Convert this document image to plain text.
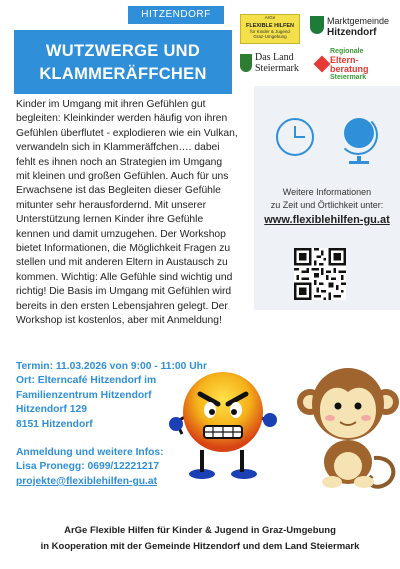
HITZENDORF
WUTZWERGE UND
KLAMMERÄFFCHEN
ArGe
FLEXIBLE HILFEN
für Kinder & Jugend
Graz-Umgebung
Marktgemeinde
Hitzendorf
Das Land
Steiermark
Regionale
Eltern-
beratung
Steiermark
Kinder im Umgang mit ihren Gefühlen gut begleiten: Kleinkinder werden häufig von ihren Gefühlen überflutet - explodieren wie ein Vulkan, verwandeln sich in Klammeräffchen…. dabei fehlt es ihnen noch an Strategien im Umgang mit kleinen und großen Gefühlen. Auch für uns Erwachsene ist das Begleiten dieser Gefühle mitunter sehr herausfordernd. Mit unserer Unterstützung lernen Kinder ihre Gefühle kennen und damit umzugehen. Der Workshop bietet Informationen, die Möglichkeit Fragen zu stellen und mit anderen Eltern in Austausch zu kommen. Wichtig: Alle Gefühle sind wichtig und richtig! Die Basis im Umgang mit Gefühlen wird bereits in den ersten Lebensjahren gelegt. Der Workshop ist kostenlos, aber mit Anmeldung!
Weitere Informationen
zu Zeit und Örtlichkeit unter:
www.flexiblehilfen-gu.at
Termin: 11.03.2026 von 9:00 - 11:00 Uhr
Ort: Elterncafé Hitzendorf im
Familienzentrum Hitzendorf
Hitzendorf 129
8151 Hitzendorf
Anmeldung und weitere Infos:
Lisa Pronegg: 0699/12221217
projekte@flexiblehilfen-gu.at
ArGe Flexible Hilfen für Kinder & Jugend in Graz-Umgebung
in Kooperation mit der Gemeinde Hitzendorf und dem Land Steiermark
